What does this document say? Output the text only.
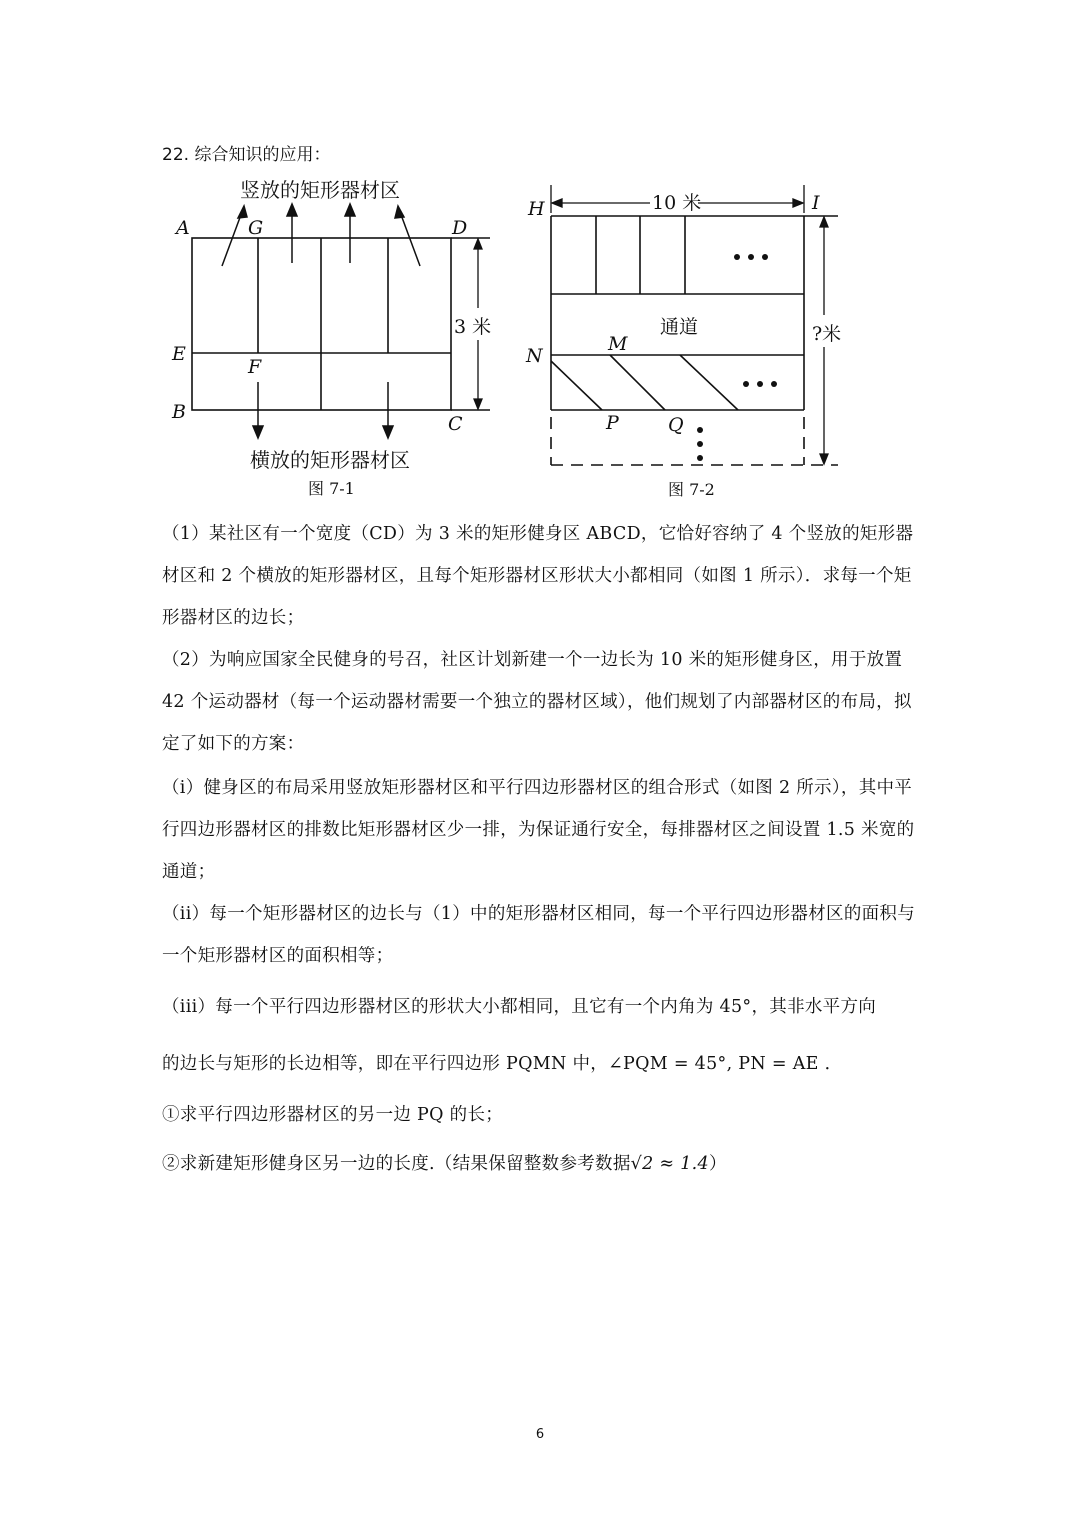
22. 综合知识的应用：
竖放的矩形器材区
3 米
A	G	D
E
F
B
C
横放的矩形器材区
图 7-1
10 米
H	I
通道	?米
N
M
P	Q
图 7-2

（1）某社区有一个宽度（CD）为 3 米的矩形健身区 ABCD，它恰好容纳了 4 个竖放的矩形器材区和 2 个横放的矩形器材区，且每个矩形器材区形状大小都相同（如图 1 所示）．求每一个矩形器材区的边长；

（2）为响应国家全民健身的号召，社区计划新建一个一边长为 10 米的矩形健身区，用于放置 42 个运动器材（每一个运动器材需要一个独立的器材区域），他们规划了内部器材区的布局，拟定了如下的方案：

（i）健身区的布局采用竖放矩形器材区和平行四边形器材区的组合形式（如图 2 所示），其中平行四边形器材区的排数比矩形器材区少一排，为保证通行安全，每排器材区之间设置 1.5 米宽的通道；

（ii）每一个矩形器材区的边长与（1）中的矩形器材区相同，每一个平行四边形器材区的面积与一个矩形器材区的面积相等；

（iii）每一个平行四边形器材区的形状大小都相同，且它有一个内角为 45°，其非水平方向

的边长与矩形的长边相等，即在平行四边形 PQMN 中，∠PQM = 45°, PN = AE ．

①求平行四边形器材区的另一边 PQ 的长；

②求新建矩形健身区另一边的长度.（结果保留整数参考数据√2 ≈ 1.4）

6
